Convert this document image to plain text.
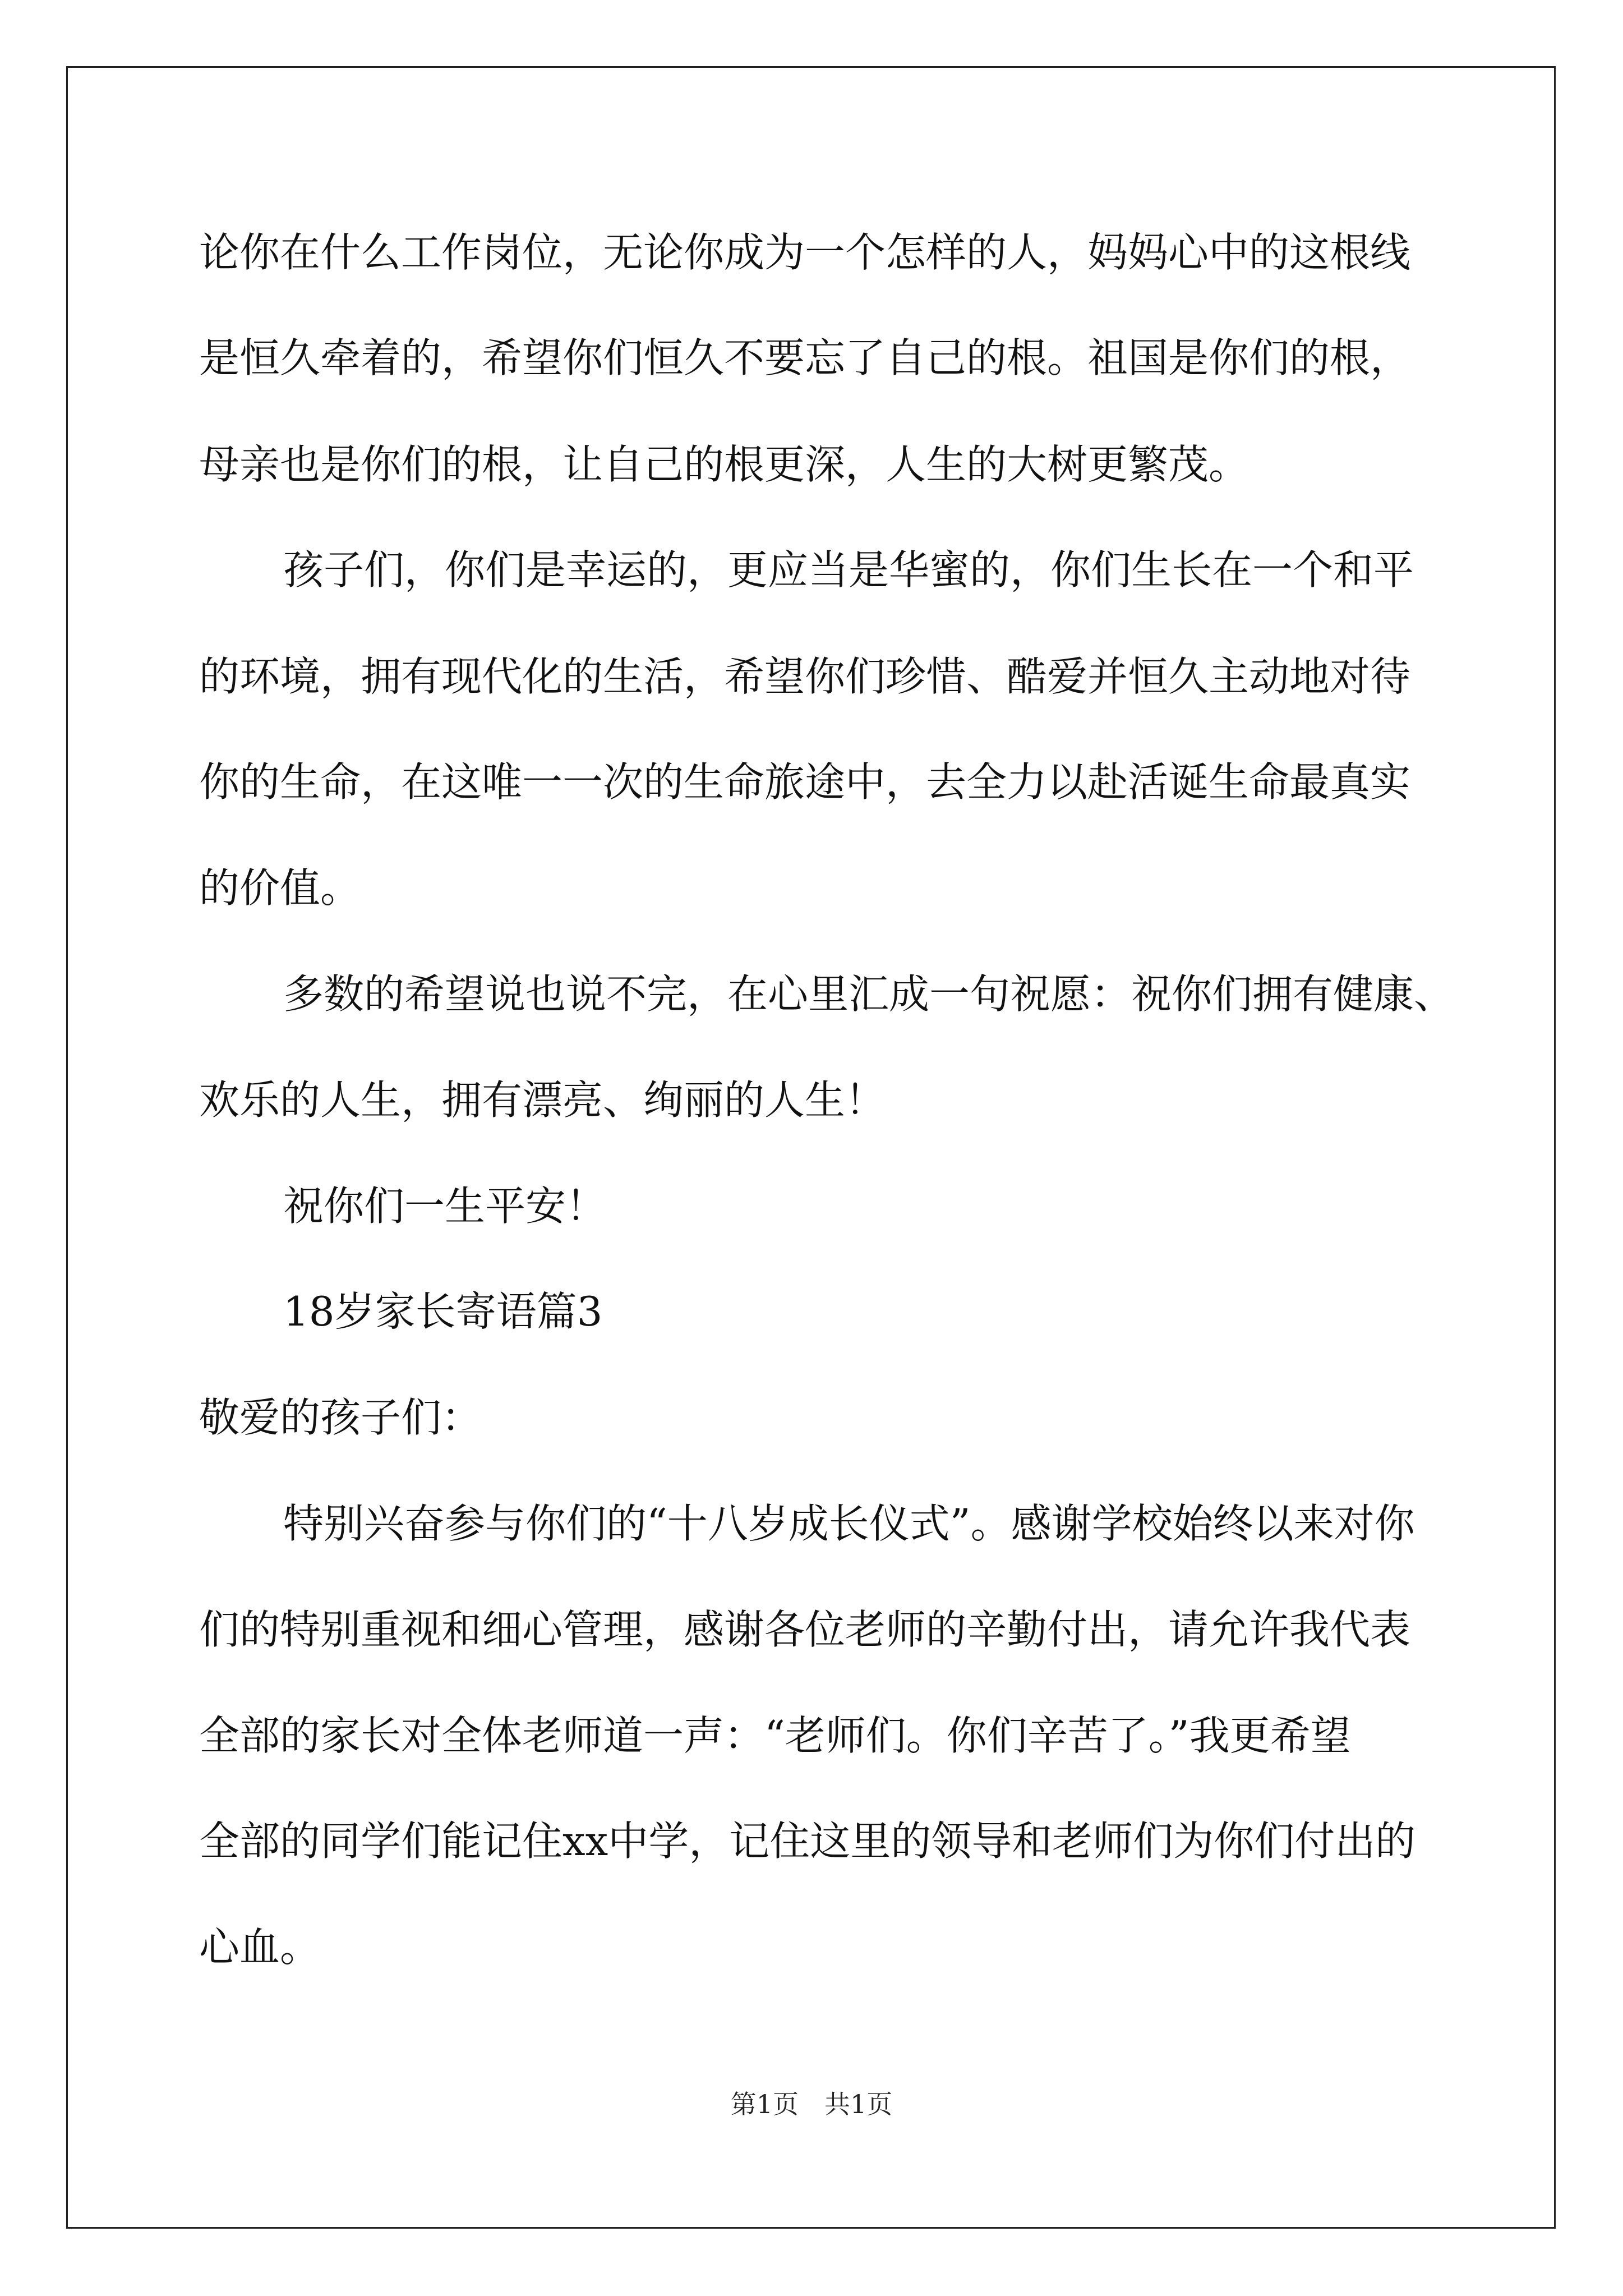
论你在什么工作岗位，无论你成为一个怎样的人，妈妈心中的这根线
是恒久牵着的，希望你们恒久不要忘了自己的根。祖国是你们的根，
母亲也是你们的根，让自己的根更深，人生的大树更繁茂。
孩子们，你们是幸运的，更应当是华蜜的，你们生长在一个和平
的环境，拥有现代化的生活，希望你们珍惜、酷爱并恒久主动地对待
你的生命，在这唯一一次的生命旅途中，去全力以赴活诞生命最真实
的价值。
多数的希望说也说不完，在心里汇成一句祝愿：祝你们拥有健康、
欢乐的人生，拥有漂亮、绚丽的人生！
祝你们一生平安！
18岁家长寄语篇3
敬爱的孩子们：
特别兴奋参与你们的“十八岁成长仪式”。感谢学校始终以来对你
们的特别重视和细心管理，感谢各位老师的辛勤付出，请允许我代表
全部的家长对全体老师道一声：“老师们。你们辛苦了。”我更希望
全部的同学们能记住xx中学，记住这里的领导和老师们为你们付出的
心血。
第1页 共1页
